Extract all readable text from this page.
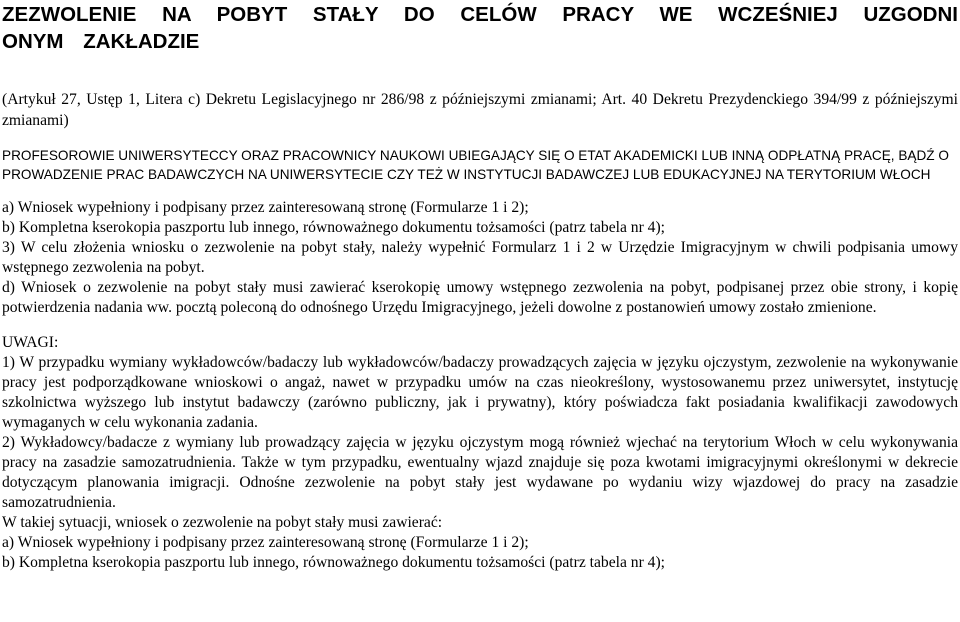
ZEZWOLENIE NA POBYT STAŁY DO CELÓW PRACY WE WCZEŚNIEJ UZGODNI ONYM ZAKŁADZIE

(Artykuł 27, Ustęp 1, Litera c) Dekretu Legislacyjnego nr 286/98 z późniejszymi zmianami; Art. 40 Dekretu Prezydenckiego 394/99 z późniejszymi zmianami)

PROFESOROWIE UNIWERSYTECCY ORAZ PRACOWNICY NAUKOWI UBIEGAJĄCY SIĘ O ETAT AKADEMICKI LUB INNĄ ODPŁATNĄ PRACĘ, BĄDŹ O PROWADZENIE PRAC BADAWCZYCH NA UNIWERSYTECIE CZY TEŻ W INSTYTUCJI BADAWCZEJ LUB EDUKACYJNEJ NA TERYTORIUM WŁOCH

a) Wniosek wypełniony i podpisany przez zainteresowaną stronę (Formularze 1 i 2);

b) Kompletna kserokopia paszportu lub innego, równoważnego dokumentu tożsamości (patrz tabela nr 4);

3) W celu złożenia wniosku o zezwolenie na pobyt stały, należy wypełnić Formularz 1 i 2 w Urzędzie Imigracyjnym w chwili podpisania umowy wstępnego zezwolenia na pobyt.

d) Wniosek o zezwolenie na pobyt stały musi zawierać kserokopię umowy wstępnego zezwolenia na pobyt, podpisanej przez obie strony, i kopię potwierdzenia nadania ww. pocztą poleconą do odnośnego Urzędu Imigracyjnego, jeżeli dowolne z postanowień umowy zostało zmienione.

UWAGI:

1) W przypadku wymiany wykładowców/badaczy lub wykładowców/badaczy prowadzących zajęcia w języku ojczystym, zezwolenie na wykonywanie pracy jest podporządkowane wnioskowi o angaż, nawet w przypadku umów na czas nieokreślony, wystosowanemu przez uniwersytet, instytucję szkolnictwa wyższego lub instytut badawczy (zarówno publiczny, jak i prywatny), który poświadcza fakt posiadania kwalifikacji zawodowych wymaganych w celu wykonania zadania.

2) Wykładowcy/badacze z wymiany lub prowadzący zajęcia w języku ojczystym mogą również wjechać na terytorium Włoch w celu wykonywania pracy na zasadzie samozatrudnienia. Także w tym przypadku, ewentualny wjazd znajduje się poza kwotami imigracyjnymi określonymi w dekrecie dotyczącym planowania imigracji. Odnośne zezwolenie na pobyt stały jest wydawane po wydaniu wizy wjazdowej do pracy na zasadzie samozatrudnienia.

W takiej sytuacji, wniosek o zezwolenie na pobyt stały musi zawierać:

a) Wniosek wypełniony i podpisany przez zainteresowaną stronę (Formularze 1 i 2);

b) Kompletna kserokopia paszportu lub innego, równoważnego dokumentu tożsamości (patrz tabela nr 4);
